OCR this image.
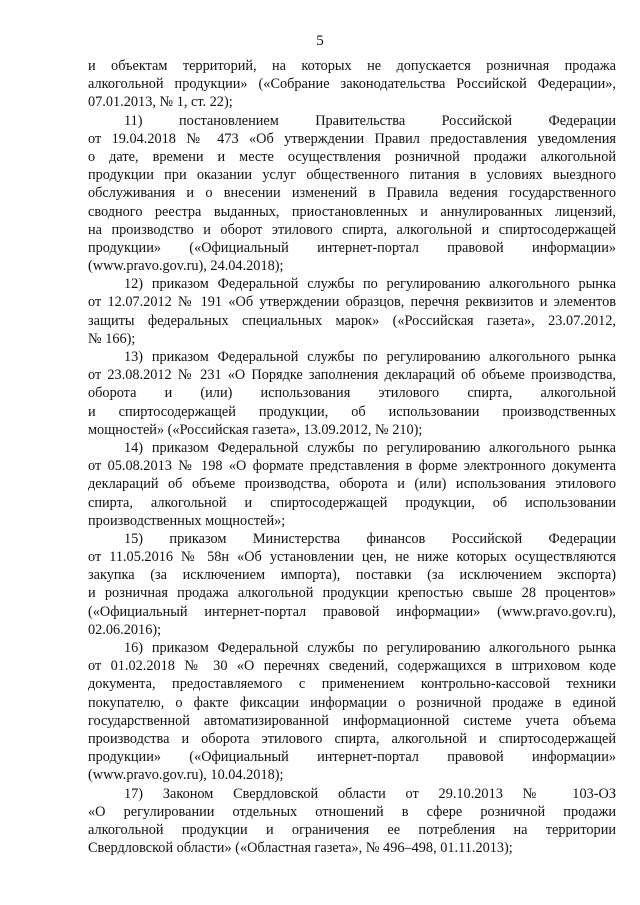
5
и объектам территорий, на которых не допускается розничная продажа
алкогольной продукции» («Собрание законодательства Российской Федерации»,
07.01.2013, № 1, ст. 22);
11) постановлением Правительства Российской Федерации
от 19.04.2018 № 473 «Об утверждении Правил предоставления уведомления
о дате, времени и месте осуществления розничной продажи алкогольной
продукции при оказании услуг общественного питания в условиях выездного
обслуживания и о внесении изменений в Правила ведения государственного
сводного реестра выданных, приостановленных и аннулированных лицензий,
на производство и оборот этилового спирта, алкогольной и спиртосодержащей
продукции» («Официальный интернет-портал правовой информации»
(www.pravo.gov.ru), 24.04.2018);
12) приказом Федеральной службы по регулированию алкогольного рынка
от 12.07.2012 № 191 «Об утверждении образцов, перечня реквизитов и элементов
защиты федеральных специальных марок» («Российская газета», 23.07.2012,
№ 166);
13) приказом Федеральной службы по регулированию алкогольного рынка
от 23.08.2012 № 231 «О Порядке заполнения деклараций об объеме производства,
оборота и (или) использования этилового спирта, алкогольной
и спиртосодержащей продукции, об использовании производственных
мощностей» («Российская газета», 13.09.2012, № 210);
14) приказом Федеральной службы по регулированию алкогольного рынка
от 05.08.2013 № 198 «О формате представления в форме электронного документа
деклараций об объеме производства, оборота и (или) использования этилового
спирта, алкогольной и спиртосодержащей продукции, об использовании
производственных мощностей»;
15) приказом Министерства финансов Российской Федерации
от 11.05.2016 № 58н «Об установлении цен, не ниже которых осуществляются
закупка (за исключением импорта), поставки (за исключением экспорта)
и розничная продажа алкогольной продукции крепостью свыше 28 процентов»
(«Официальный интернет-портал правовой информации» (www.pravo.gov.ru),
02.06.2016);
16) приказом Федеральной службы по регулированию алкогольного рынка
от 01.02.2018 № 30 «О перечнях сведений, содержащихся в штриховом коде
документа, предоставляемого с применением контрольно-кассовой техники
покупателю, о факте фиксации информации о розничной продаже в единой
государственной автоматизированной информационной системе учета объема
производства и оборота этилового спирта, алкогольной и спиртосодержащей
продукции» («Официальный интернет-портал правовой информации»
(www.pravo.gov.ru), 10.04.2018);
17) Законом Свердловской области от 29.10.2013 № 103-ОЗ
«О регулировании отдельных отношений в сфере розничной продажи
алкогольной продукции и ограничения ее потребления на территории
Свердловской области» («Областная газета», № 496–498, 01.11.2013);
